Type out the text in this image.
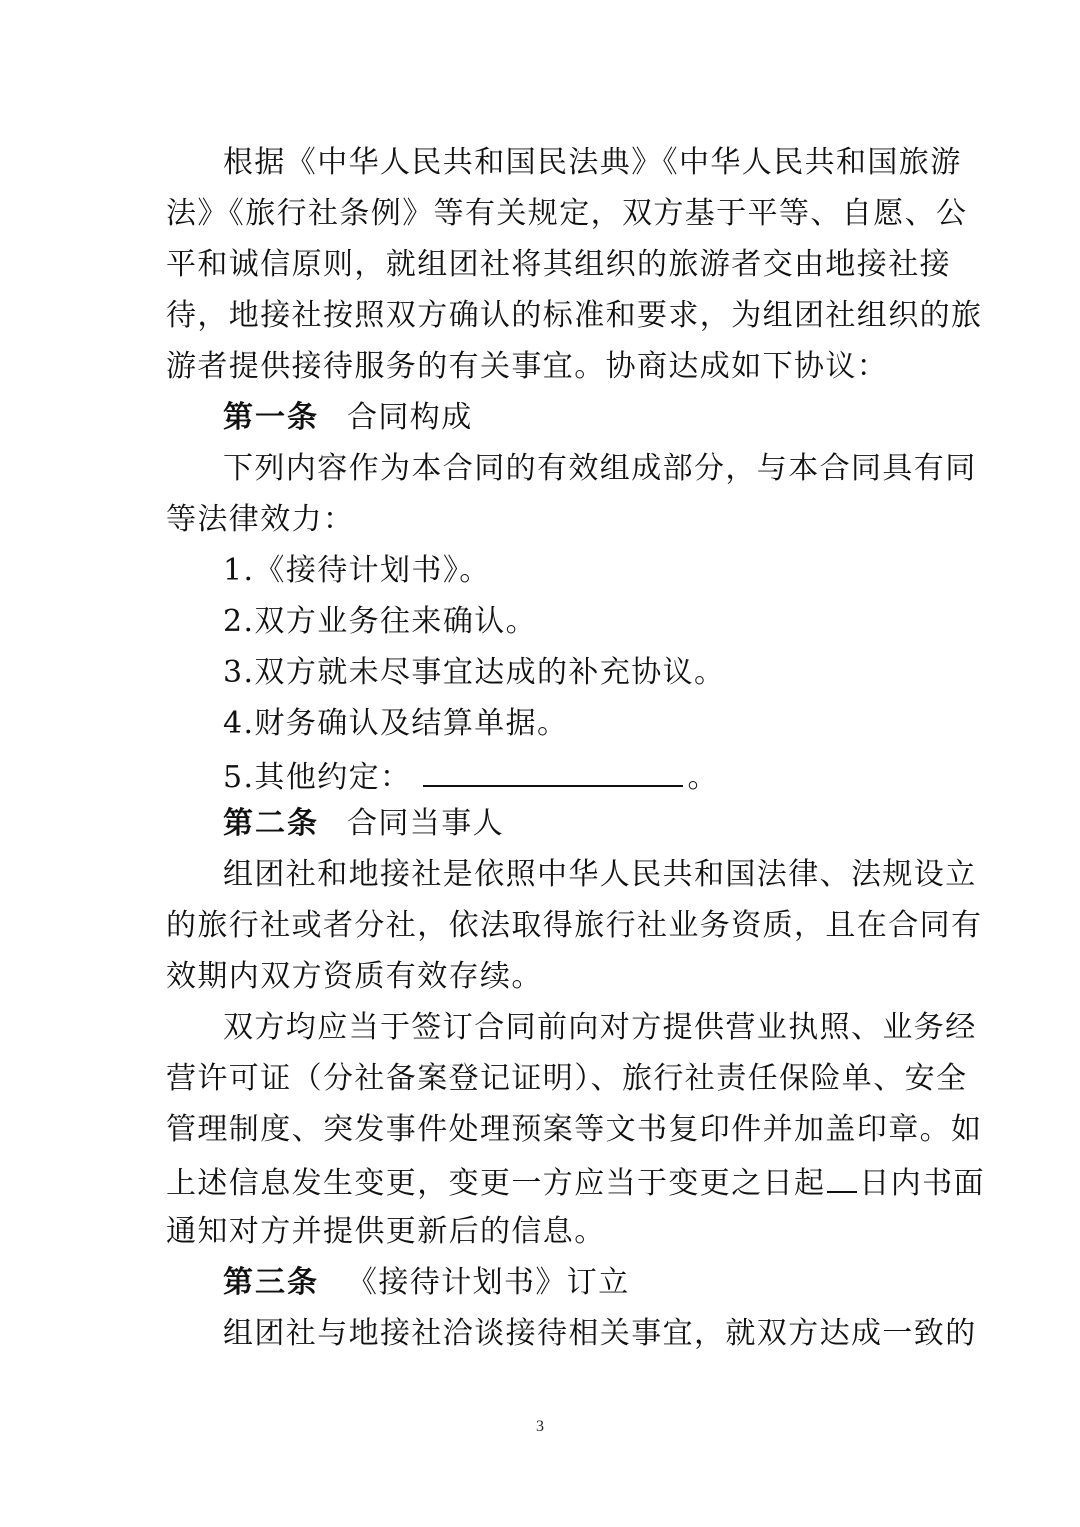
根据《中华人民共和国民法典》《中华人民共和国旅游
法》《旅行社条例》等有关规定，双方基于平等、自愿、公
平和诚信原则，就组团社将其组织的旅游者交由地接社接
待，地接社按照双方确认的标准和要求，为组团社组织的旅
游者提供接待服务的有关事宜。协商达成如下协议：
第一条 合同构成
下列内容作为本合同的有效组成部分，与本合同具有同
等法律效力：
1.《接待计划书》。
2.双方业务往来确认。
3.双方就未尽事宜达成的补充协议。
4.财务确认及结算单据。
5.其他约定：	。
第二条 合同当事人
组团社和地接社是依照中华人民共和国法律、法规设立
的旅行社或者分社，依法取得旅行社业务资质，且在合同有
效期内双方资质有效存续。
双方均应当于签订合同前向对方提供营业执照、业务经
营许可证（分社备案登记证明）、旅行社责任保险单、安全
管理制度、突发事件处理预案等文书复印件并加盖印章。如
上述信息发生变更，变更一方应当于变更之日起 日内书面
通知对方并提供更新后的信息。
第三条 《接待计划书》订立
组团社与地接社洽谈接待相关事宜，就双方达成一致的
3
